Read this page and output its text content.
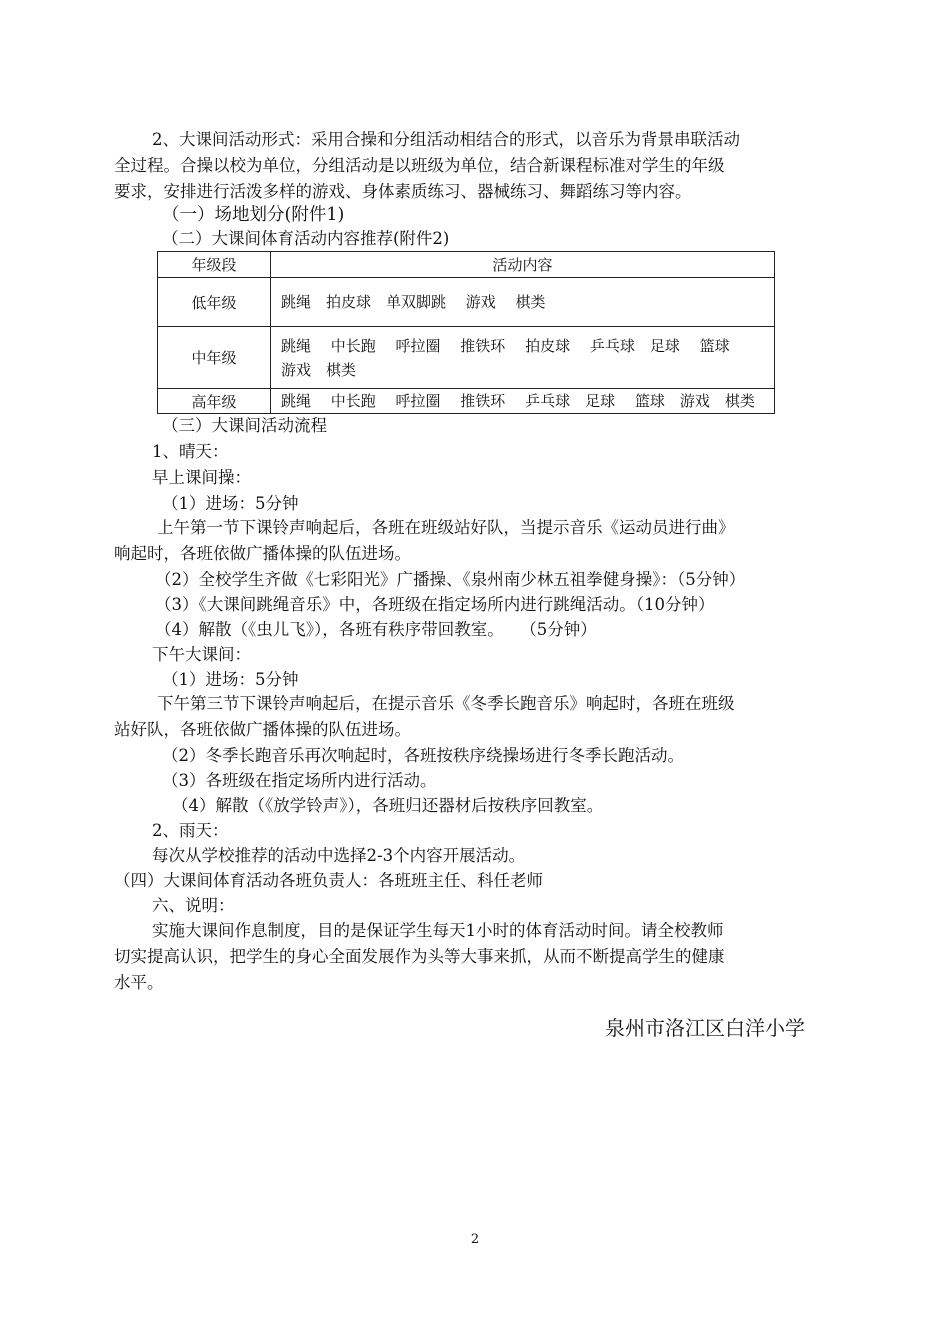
2、大课间活动形式：采用合操和分组活动相结合的形式，以音乐为背景串联活动
全过程。合操以校为单位，分组活动是以班级为单位，结合新课程标准对学生的年级
要求，安排进行活泼多样的游戏、身体素质练习、器械练习、舞蹈练习等内容。
（一）场地划分(附件1)
（二）大课间体育活动内容推荐(附件2)
年级段	活动内容
低年级	跳绳　拍皮球　单双脚跳　 游戏　 棋类

中年级	跳绳　 中长跑　 呼拉圈　 推铁环　 拍皮球　 乒乓球　足球　 篮球
游戏　棋类

高年级	跳绳　 中长跑　 呼拉圈　 推铁环　 乒乓球　足球　 篮球　游戏　棋类
（三）大课间活动流程
1、晴天：
早上课间操：
（1）进场：5分钟
上午第一节下课铃声响起后，各班在班级站好队，当提示音乐《运动员进行曲》
响起时，各班依做广播体操的队伍进场。
（2）全校学生齐做《七彩阳光》广播操、《泉州南少林五祖拳健身操》：（5分钟）
（3）《大课间跳绳音乐》中，各班级在指定场所内进行跳绳活动。（10分钟）
（4）解散（《虫儿飞》），各班有秩序带回教室。　　（5分钟）
下午大课间：
（1）进场：5分钟
下午第三节下课铃声响起后，在提示音乐《冬季长跑音乐》响起时，各班在班级
站好队，各班依做广播体操的队伍进场。
（2）冬季长跑音乐再次响起时，各班按秩序绕操场进行冬季长跑活动。
（3）各班级在指定场所内进行活动。
（4）解散（《放学铃声》），各班归还器材后按秩序回教室。
2、雨天：
每次从学校推荐的活动中选择2-3个内容开展活动。
（四）大课间体育活动各班负责人：各班班主任、科任老师
六、说明：
实施大课间作息制度，目的是保证学生每天1小时的体育活动时间。请全校教师
切实提高认识，把学生的身心全面发展作为头等大事来抓，从而不断提高学生的健康
水平。
泉州市洛江区白洋小学
2
